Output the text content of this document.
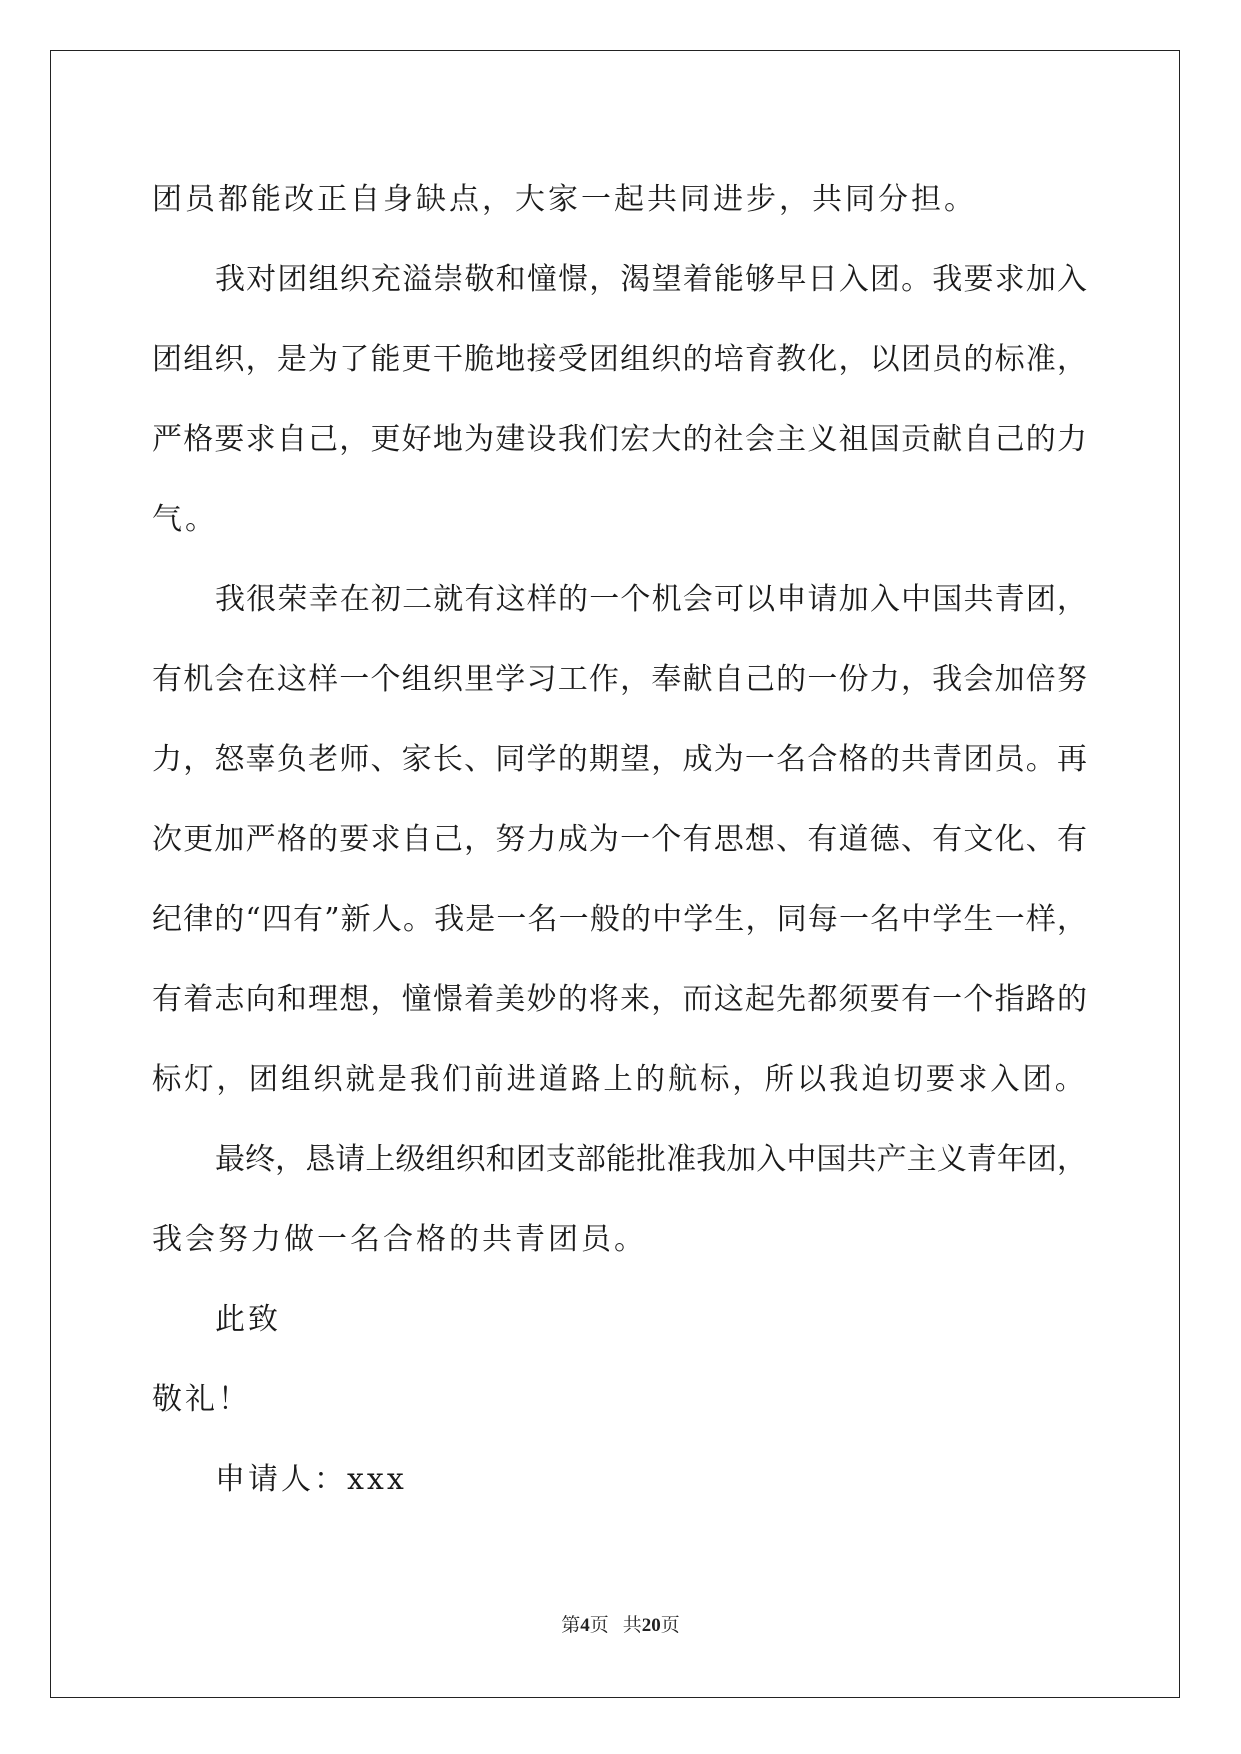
团员都能改正自身缺点，大家一起共同进步，共同分担。
我对团组织充溢崇敬和憧憬，渴望着能够早日入团。我要求加入
团组织，是为了能更干脆地接受团组织的培育教化，以团员的标准，
严格要求自己，更好地为建设我们宏大的社会主义祖国贡献自己的力
气。
我很荣幸在初二就有这样的一个机会可以申请加入中国共青团，
有机会在这样一个组织里学习工作，奉献自己的一份力，我会加倍努
力，怒辜负老师、家长、同学的期望，成为一名合格的共青团员。再
次更加严格的要求自己，努力成为一个有思想、有道德、有文化、有
纪律的“四有”新人。我是一名一般的中学生，同每一名中学生一样，
有着志向和理想，憧憬着美妙的将来，而这起先都须要有一个指路的
标灯，团组织就是我们前进道路上的航标，所以我迫切要求入团。
最终，恳请上级组织和团支部能批准我加入中国共产主义青年团，
我会努力做一名合格的共青团员。
此致
敬礼！
申请人：xxx
第4页 共20页
